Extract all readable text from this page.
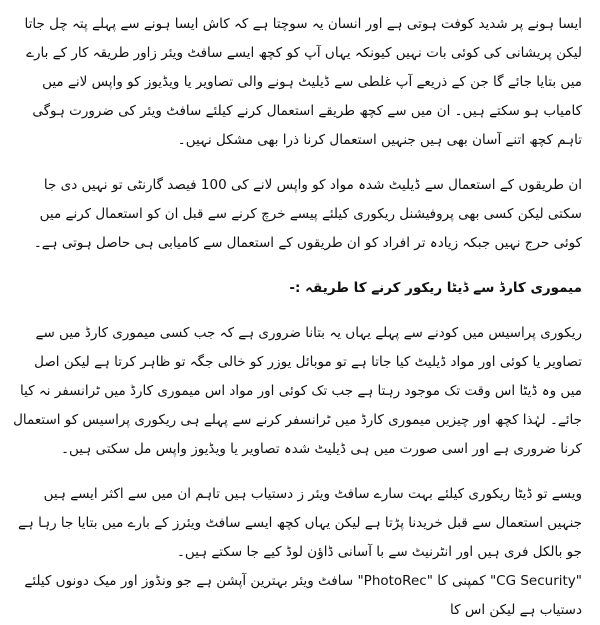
ایسا ہونے پر شدید کوفت ہوتی ہے اور انسان یہ سوچتا ہے کہ کاش ایسا ہونے سے پہلے پتہ چل جاتا لیکن پریشانی کی کوئی بات نہیں کیونکہ یہاں آپ کو کچھ ایسے سافٹ ویئر زاور طریقہ کار کے بارے میں بتایا جائے گا جن کے ذریعے آپ غلطی سے ڈیلیٹ ہونے والی تصاویر یا ویڈیوز کو واپس لانے میں کامیاب ہو سکتے ہیں۔ ان میں سے کچھ طریقے استعمال کرنے کیلئے سافٹ ویئر کی ضرورت ہوگی تاہم کچھ اتنے آسان بھی ہیں جنہیں استعمال کرنا ذرا بھی مشکل نہیں۔

ان طریقوں کے استعمال سے ڈیلیٹ شدہ مواد کو واپس لانے کی 100 فیصد گارنٹی تو نہیں دی جا سکتی لیکن کسی بھی پروفیشنل ریکوری کیلئے پیسے خرچ کرنے سے قبل ان کو استعمال کرنے میں کوئی حرج نہیں جبکہ زیادہ تر افراد کو ان طریقوں کے استعمال سے کامیابی ہی حاصل ہوتی ہے۔

میموری کارڈ سے ڈیٹا ریکور کرنے کا طریقہ :-

ریکوری پراسیس میں کودنے سے پہلے یہاں یہ بتانا ضروری ہے کہ جب کسی میموری کارڈ میں سے تصاویر یا کوئی اور مواد ڈیلیٹ کیا جاتا ہے تو موبائل یوزر کو خالی جگہ تو ظاہر کرتا ہے لیکن اصل میں وہ ڈیٹا اس وقت تک موجود رہتا ہے جب تک کوئی اور مواد اس میموری کارڈ میں ٹرانسفر نہ کیا جائے۔ لہٰذا کچھ اور چیزیں میموری کارڈ میں ٹرانسفر کرنے سے پہلے ہی ریکوری پراسیس کو استعمال کرنا ضروری ہے اور اسی صورت میں ہی ڈیلیٹ شدہ تصاویر یا ویڈیوز واپس مل سکتی ہیں۔

ویسے تو ڈیٹا ریکوری کیلئے بہت سارے سافٹ ویئر ز دستیاب ہیں تاہم ان میں سے اکثر ایسے ہیں جنہیں استعمال سے قبل خریدنا پڑتا ہے لیکن یہاں کچھ ایسے سافٹ ویئرز کے بارے میں بتایا جا رہا ہے جو بالکل فری ہیں اور انٹرنیٹ سے با آسانی ڈاؤن لوڈ کیے جا سکتے ہیں۔

"CG Security" کمپنی کا "PhotoRec" سافٹ ویئر بہترین آپشن ہے جو ونڈوز اور میک دونوں کیلئے دستیاب ہے لیکن اس کا
